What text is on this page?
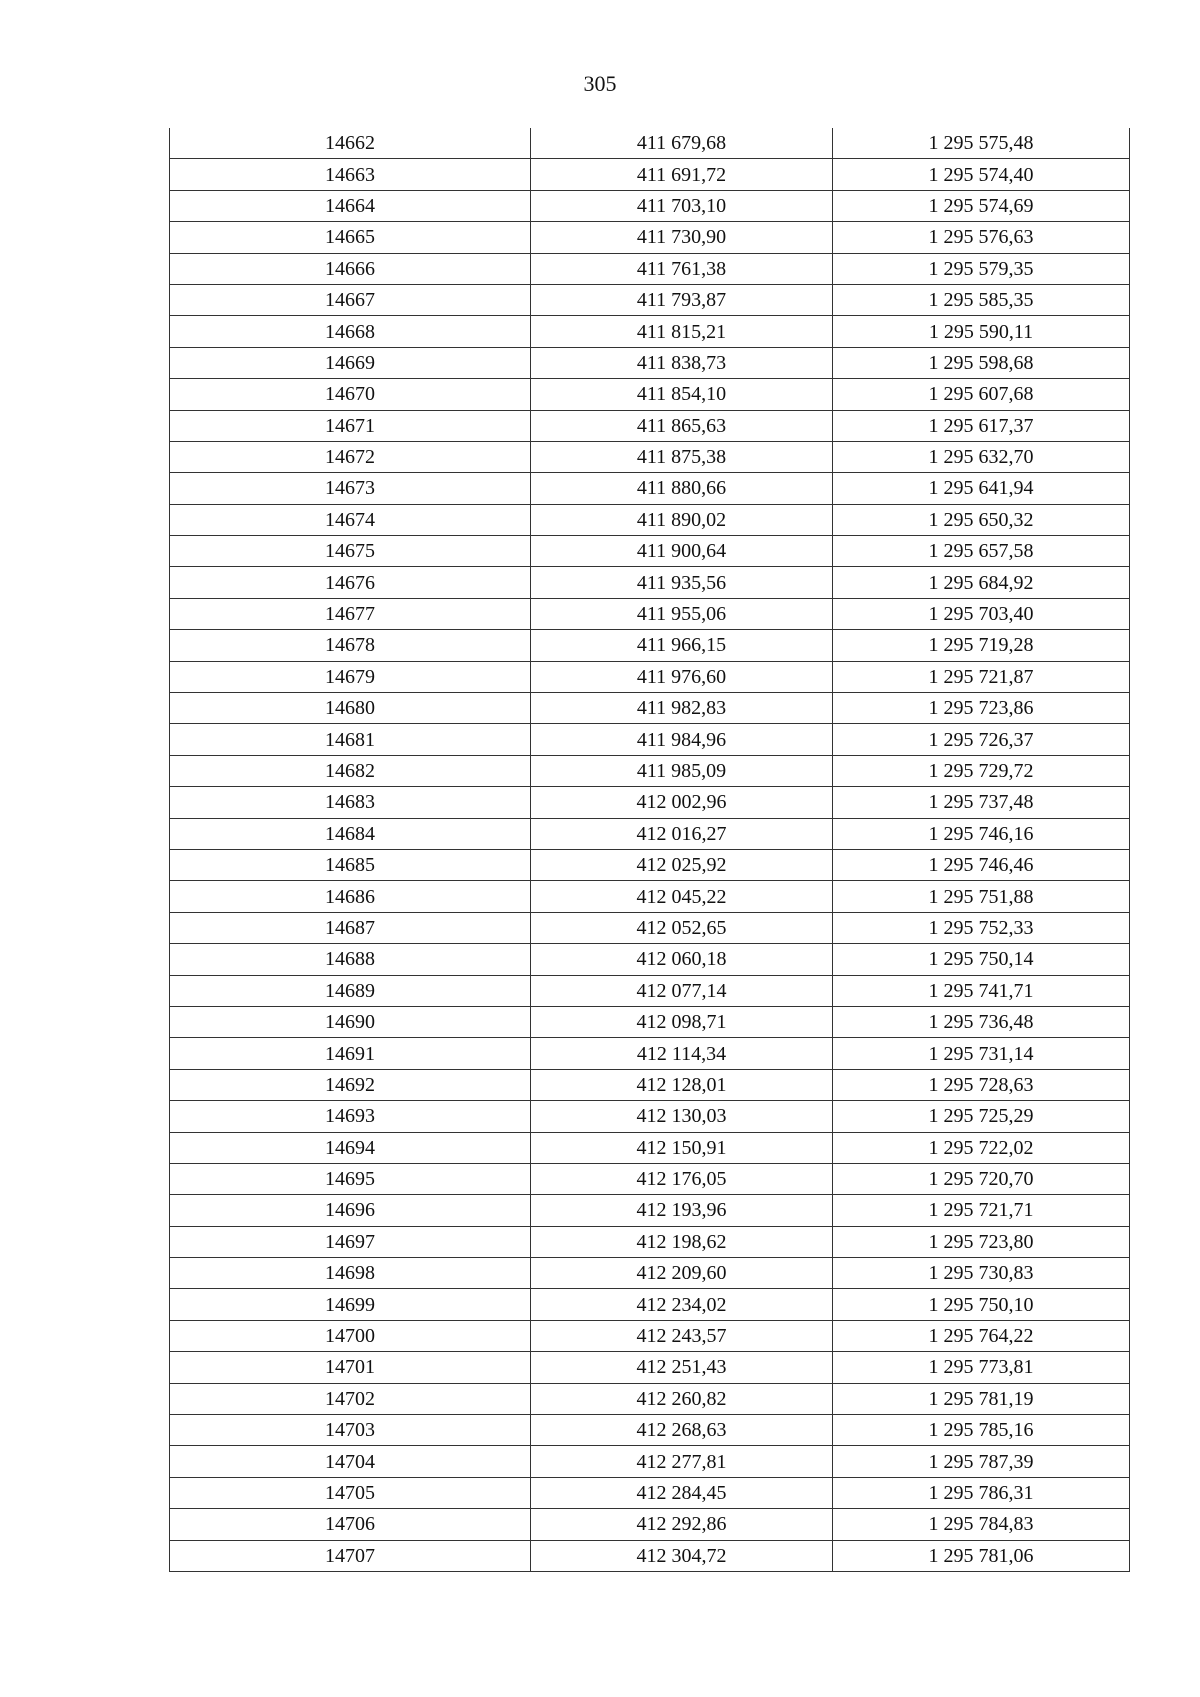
305
14662	411 679,68	1 295 575,48
14663	411 691,72	1 295 574,40
14664	411 703,10	1 295 574,69
14665	411 730,90	1 295 576,63
14666	411 761,38	1 295 579,35
14667	411 793,87	1 295 585,35
14668	411 815,21	1 295 590,11
14669	411 838,73	1 295 598,68
14670	411 854,10	1 295 607,68
14671	411 865,63	1 295 617,37
14672	411 875,38	1 295 632,70
14673	411 880,66	1 295 641,94
14674	411 890,02	1 295 650,32
14675	411 900,64	1 295 657,58
14676	411 935,56	1 295 684,92
14677	411 955,06	1 295 703,40
14678	411 966,15	1 295 719,28
14679	411 976,60	1 295 721,87
14680	411 982,83	1 295 723,86
14681	411 984,96	1 295 726,37
14682	411 985,09	1 295 729,72
14683	412 002,96	1 295 737,48
14684	412 016,27	1 295 746,16
14685	412 025,92	1 295 746,46
14686	412 045,22	1 295 751,88
14687	412 052,65	1 295 752,33
14688	412 060,18	1 295 750,14
14689	412 077,14	1 295 741,71
14690	412 098,71	1 295 736,48
14691	412 114,34	1 295 731,14
14692	412 128,01	1 295 728,63
14693	412 130,03	1 295 725,29
14694	412 150,91	1 295 722,02
14695	412 176,05	1 295 720,70
14696	412 193,96	1 295 721,71
14697	412 198,62	1 295 723,80
14698	412 209,60	1 295 730,83
14699	412 234,02	1 295 750,10
14700	412 243,57	1 295 764,22
14701	412 251,43	1 295 773,81
14702	412 260,82	1 295 781,19
14703	412 268,63	1 295 785,16
14704	412 277,81	1 295 787,39
14705	412 284,45	1 295 786,31
14706	412 292,86	1 295 784,83
14707	412 304,72	1 295 781,06
